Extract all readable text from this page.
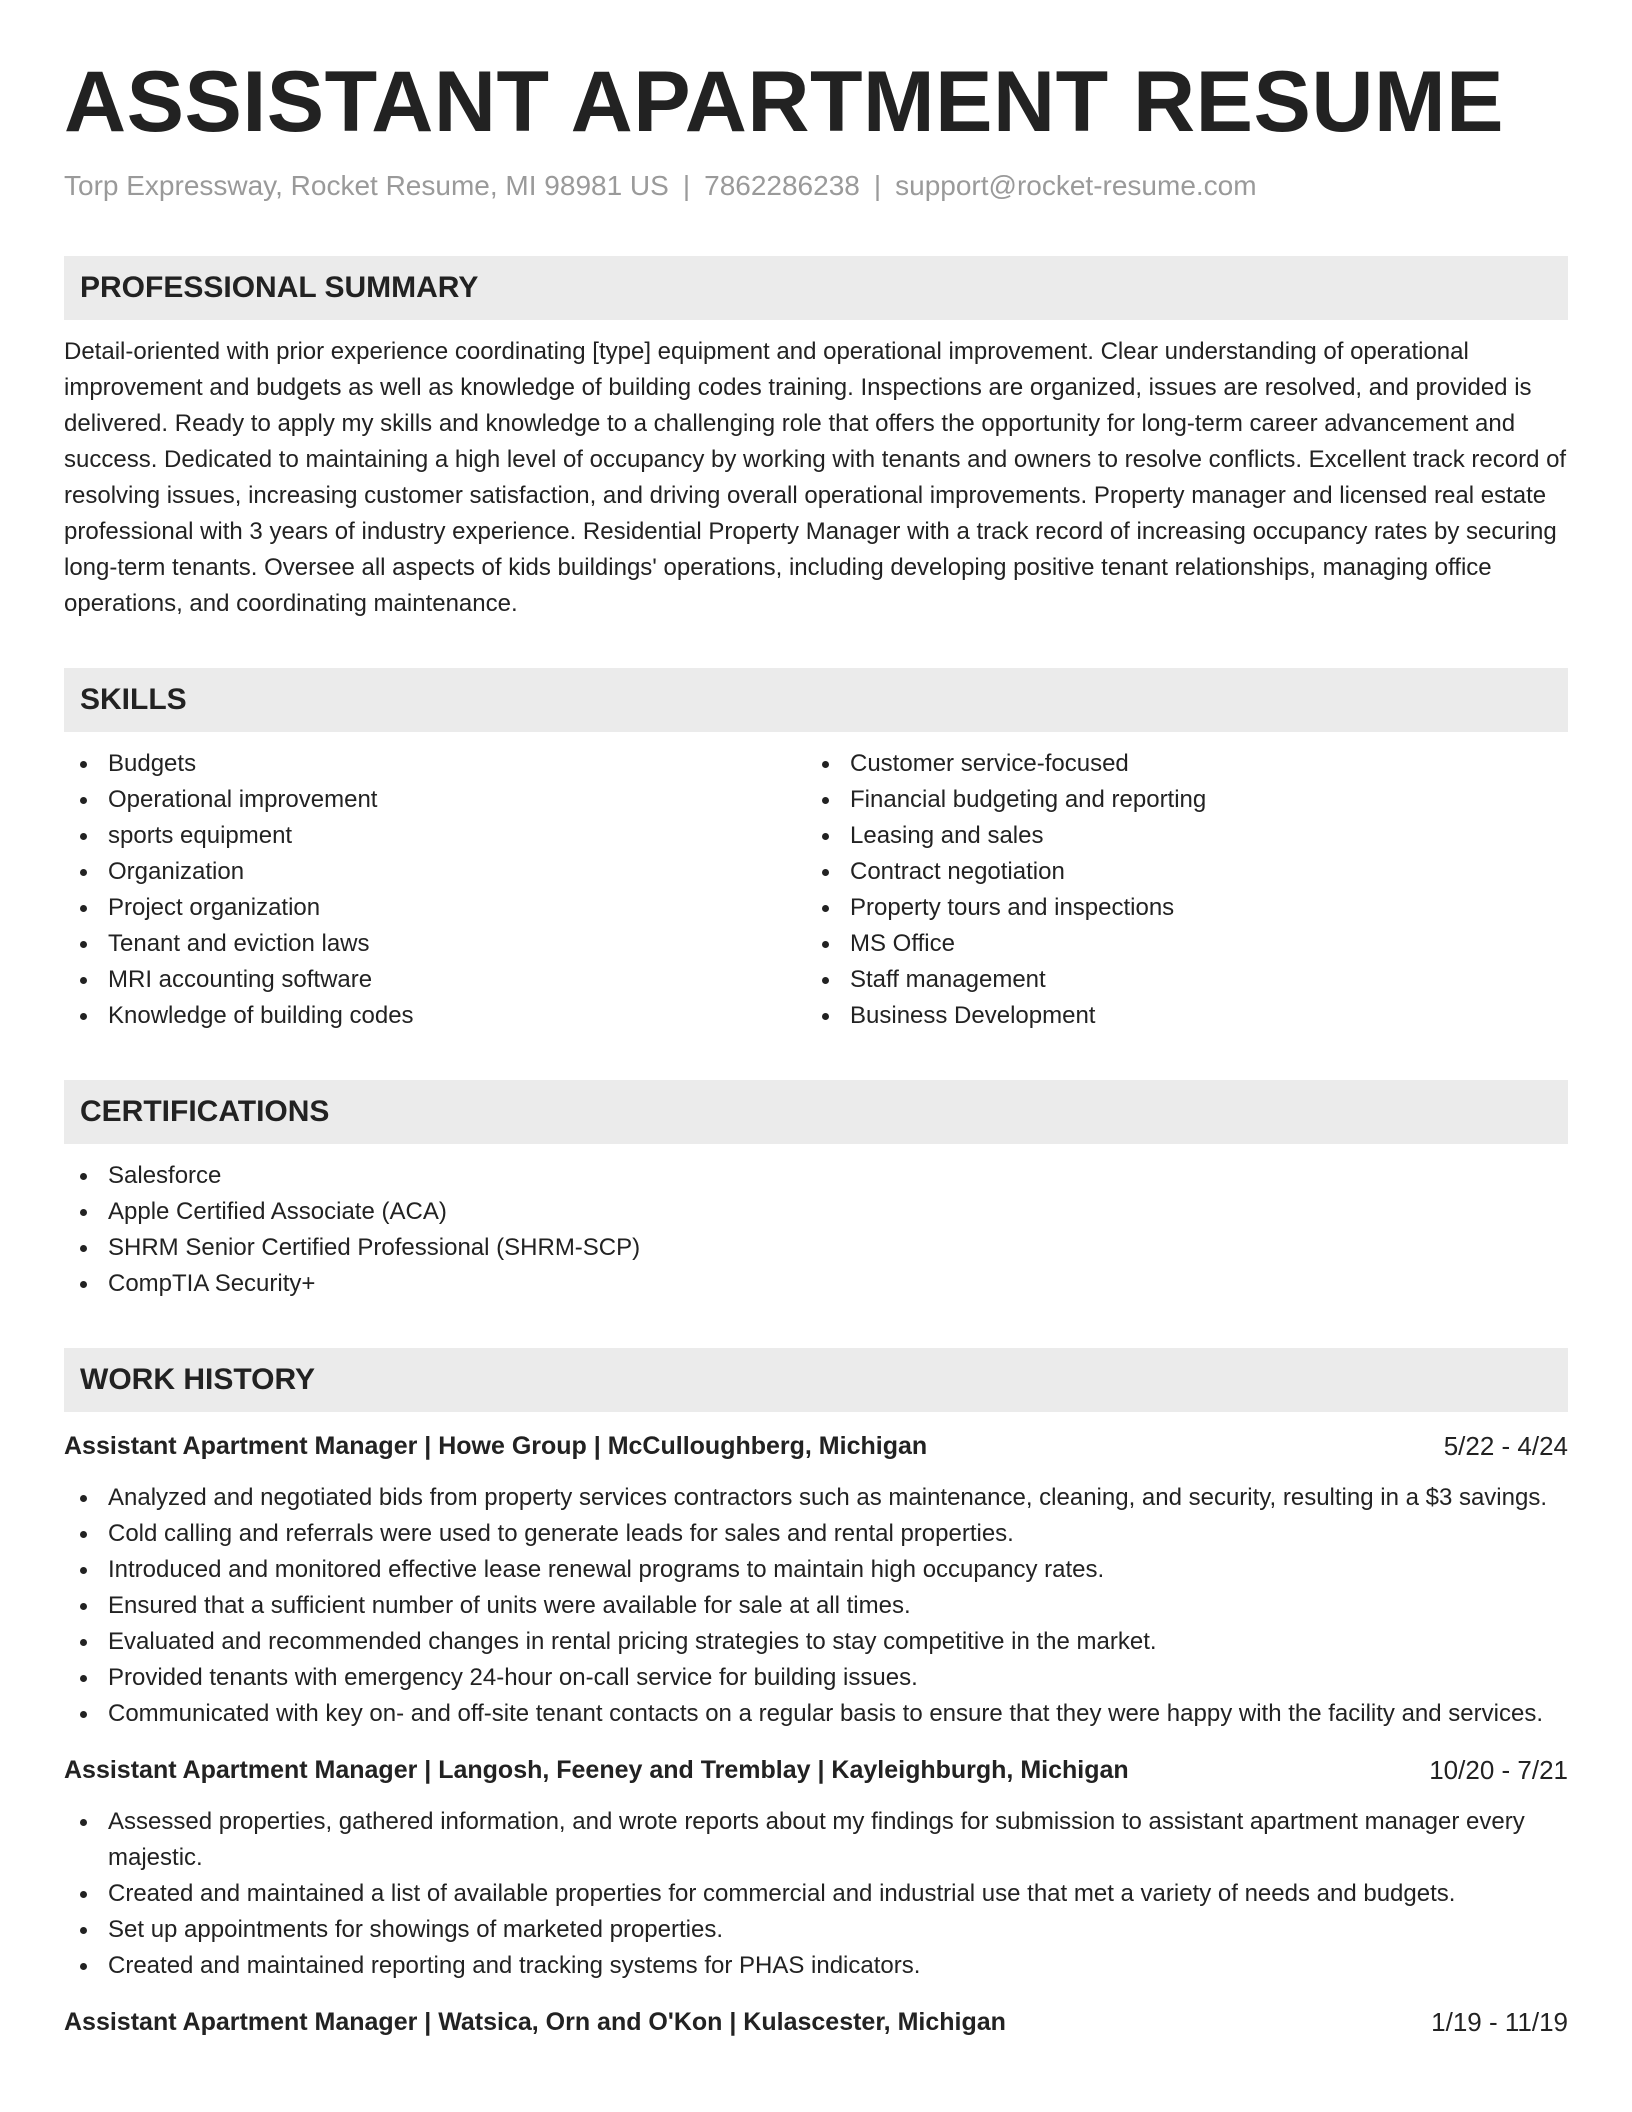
ASSISTANT APARTMENT RESUME
Torp Expressway, Rocket Resume, MI 98981 US | 7862286238 | support@rocket-resume.com
PROFESSIONAL SUMMARY
Detail-oriented with prior experience coordinating [type] equipment and operational improvement. Clear understanding of operational improvement and budgets as well as knowledge of building codes training. Inspections are organized, issues are resolved, and provided is delivered. Ready to apply my skills and knowledge to a challenging role that offers the opportunity for long-term career advancement and success. Dedicated to maintaining a high level of occupancy by working with tenants and owners to resolve conflicts. Excellent track record of resolving issues, increasing customer satisfaction, and driving overall operational improvements. Property manager and licensed real estate professional with 3 years of industry experience. Residential Property Manager with a track record of increasing occupancy rates by securing long-term tenants. Oversee all aspects of kids buildings' operations, including developing positive tenant relationships, managing office operations, and coordinating maintenance.
SKILLS
Budgets
Operational improvement
sports equipment
Organization
Project organization
Tenant and eviction laws
MRI accounting software
Knowledge of building codes
Customer service-focused
Financial budgeting and reporting
Leasing and sales
Contract negotiation
Property tours and inspections
MS Office
Staff management
Business Development
CERTIFICATIONS
Salesforce
Apple Certified Associate (ACA)
SHRM Senior Certified Professional (SHRM-SCP)
CompTIA Security+
WORK HISTORY
Assistant Apartment Manager | Howe Group | McCulloughberg, Michigan	5/22 - 4/24
Analyzed and negotiated bids from property services contractors such as maintenance, cleaning, and security, resulting in a $3 savings.
Cold calling and referrals were used to generate leads for sales and rental properties.
Introduced and monitored effective lease renewal programs to maintain high occupancy rates.
Ensured that a sufficient number of units were available for sale at all times.
Evaluated and recommended changes in rental pricing strategies to stay competitive in the market.
Provided tenants with emergency 24-hour on-call service for building issues.
Communicated with key on- and off-site tenant contacts on a regular basis to ensure that they were happy with the facility and services.
Assistant Apartment Manager | Langosh, Feeney and Tremblay | Kayleighburgh, Michigan	10/20 - 7/21
Assessed properties, gathered information, and wrote reports about my findings for submission to assistant apartment manager every majestic.
Created and maintained a list of available properties for commercial and industrial use that met a variety of needs and budgets.
Set up appointments for showings of marketed properties.
Created and maintained reporting and tracking systems for PHAS indicators.
Assistant Apartment Manager | Watsica, Orn and O'Kon | Kulascester, Michigan	1/19 - 11/19
